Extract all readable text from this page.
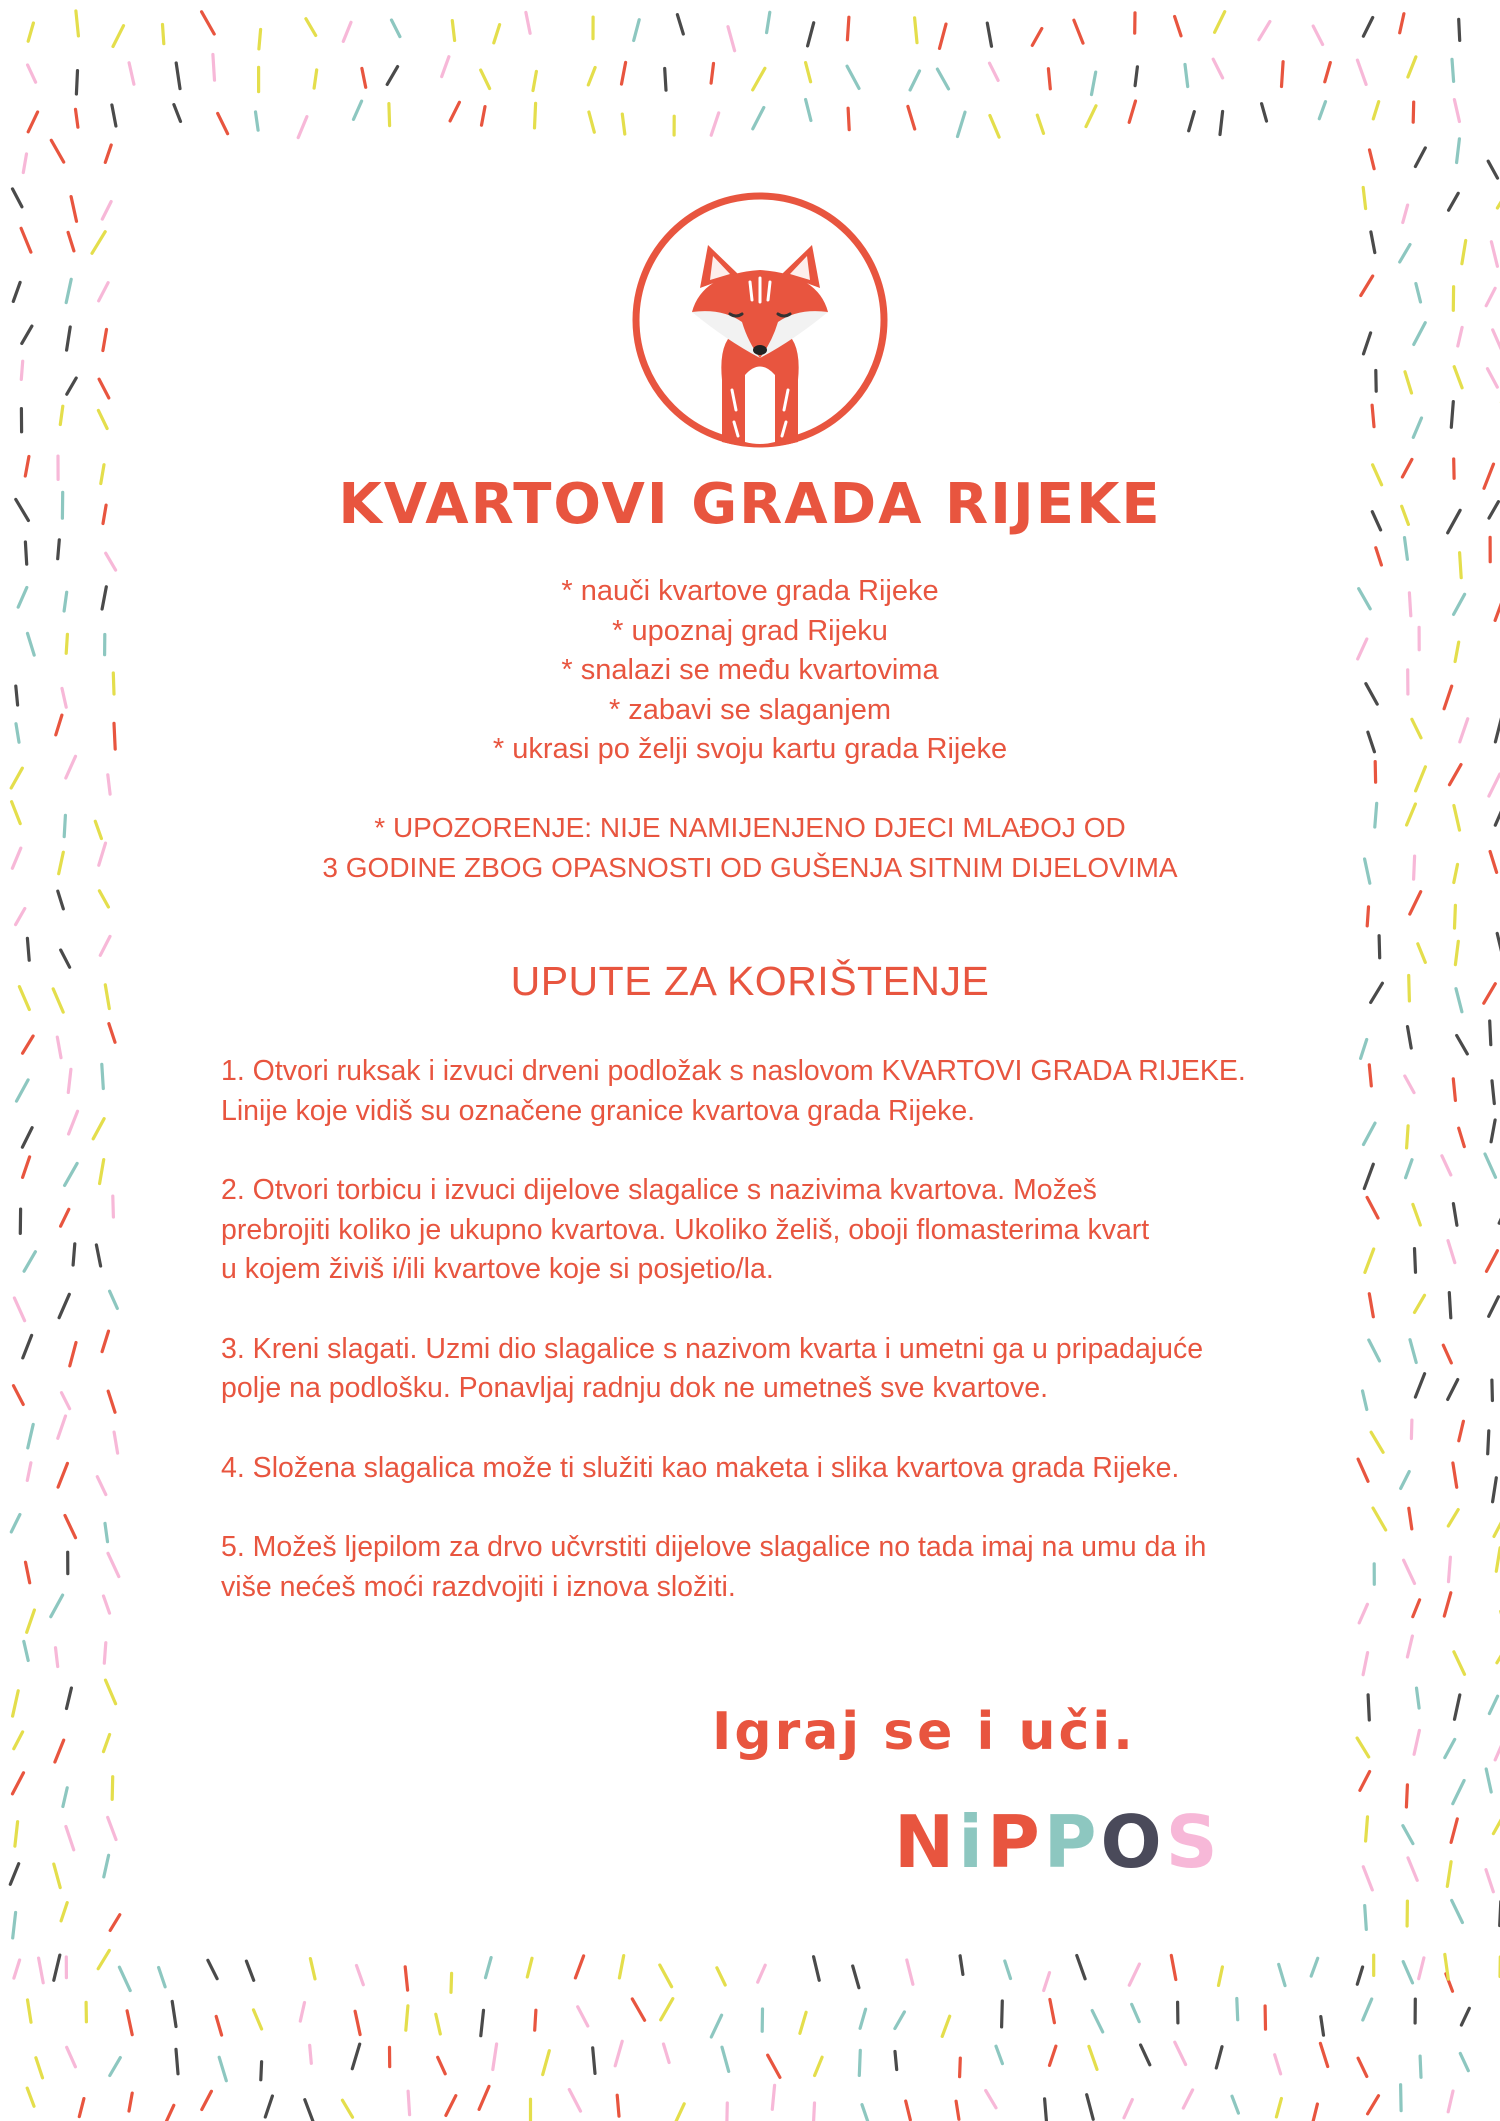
KVARTOVI GRADA RIJEKE
* nauči kvartove grada Rijeke
* upoznaj grad Rijeku
* snalazi se među kvartovima
* zabavi se slaganjem
* ukrasi po želji svoju kartu grada Rijeke
* UPOZORENJE: NIJE NAMIJENJENO DJECI MLAĐOJ OD
3 GODINE ZBOG OPASNOSTI OD GUŠENJA SITNIM DIJELOVIMA
UPUTE ZA KORIŠTENJE
1. Otvori ruksak i izvuci drveni podložak s naslovom KVARTOVI GRADA RIJEKE.
Linije koje vidiš su označene granice kvartova grada Rijeke.
2. Otvori torbicu i izvuci dijelove slagalice s nazivima kvartova. Možeš
prebrojiti koliko je ukupno kvartova. Ukoliko želiš, oboji flomasterima kvart
u kojem živiš i/ili kvartove koje si posjetio/la.
3. Kreni slagati. Uzmi dio slagalice s nazivom kvarta i umetni ga u pripadajuće
polje na podlošku. Ponavljaj radnju dok ne umetneš sve kvartove.
4. Složena slagalica može ti služiti kao maketa i slika kvartova grada Rijeke.
5. Možeš ljepilom za drvo učvrstiti dijelove slagalice no tada imaj na umu da ih
više nećeš moći razdvojiti i iznova složiti.
Igraj se i uči.
NiPPOS
